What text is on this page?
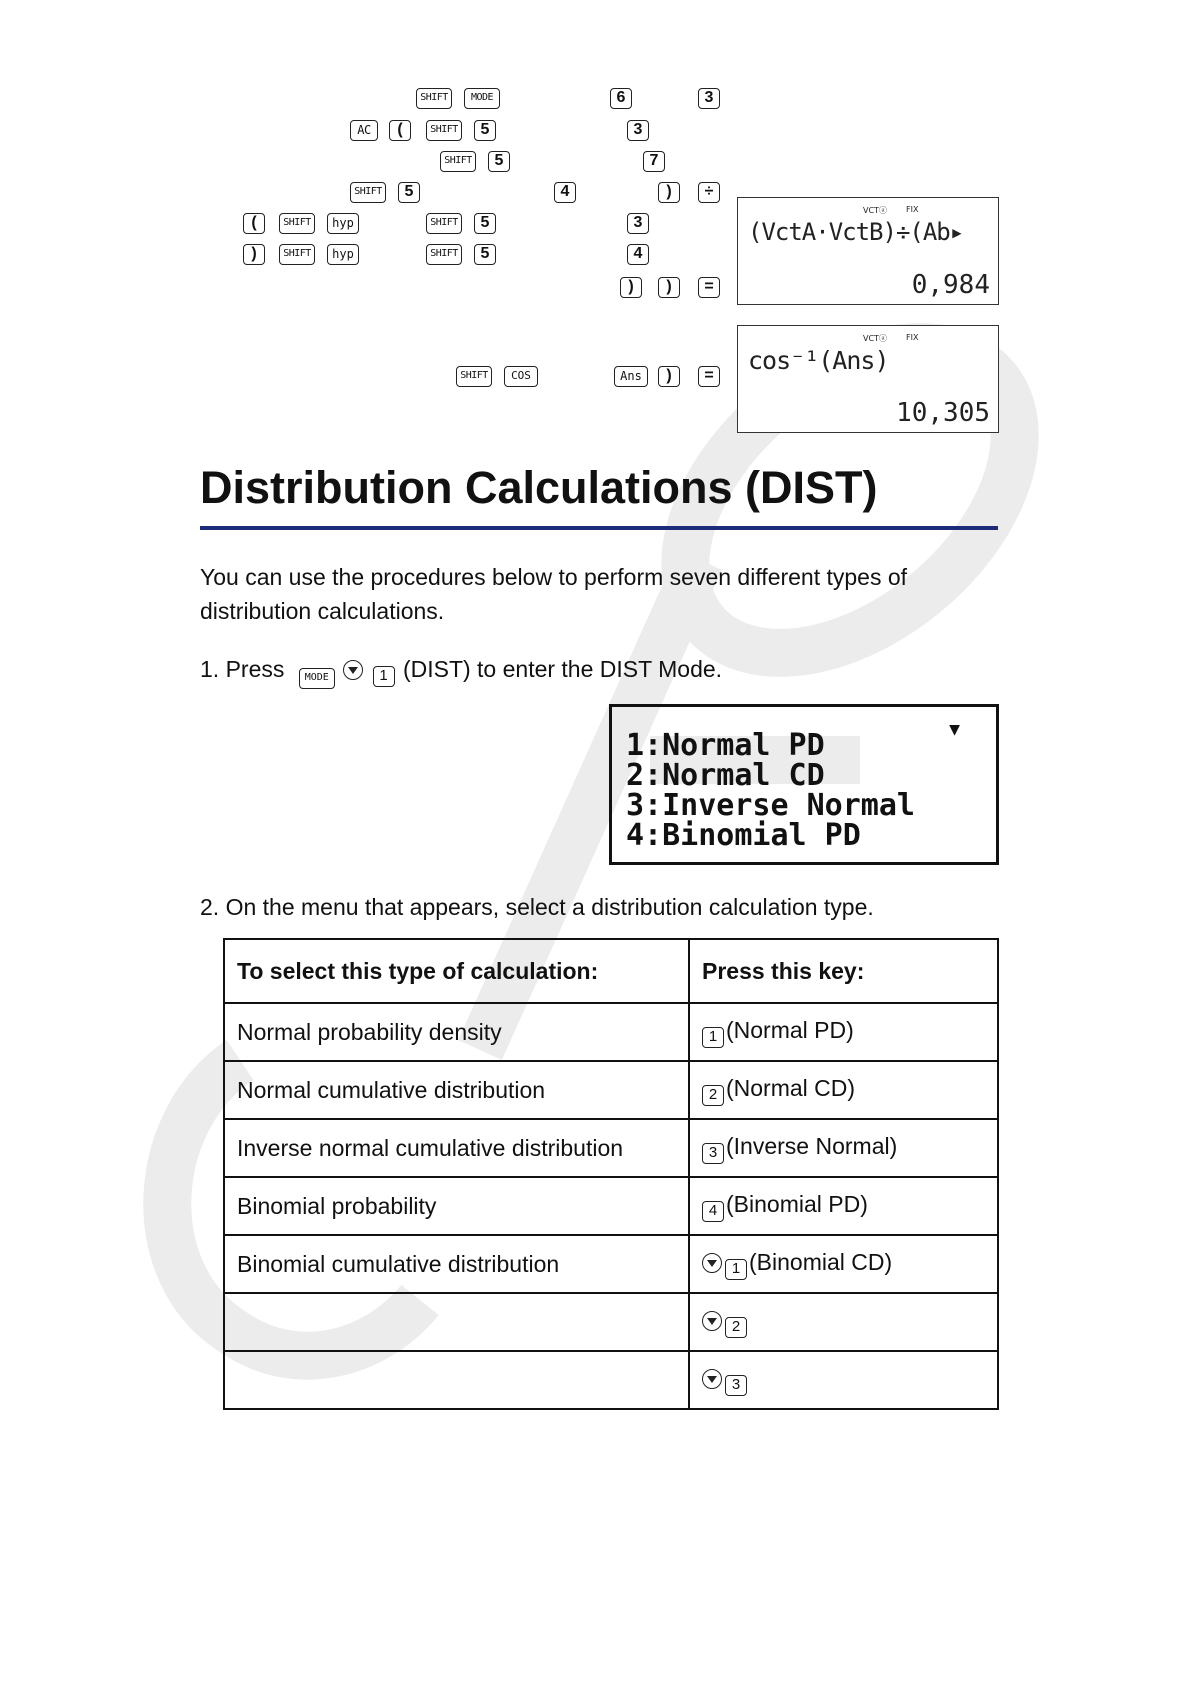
SHIFT	MODE	6	3
AC	(	SHIFT	5	3
SHIFT	5	7
SHIFT	5	4	)	÷
(	SHIFT	hyp	SHIFT	5	3
)	SHIFT	hyp	SHIFT	5	4
)	)	=
SHIFT	COS	Ans	)	=
VCTⓐ FIX
(VctA·VctB)÷(Ab▸
0,984
VCTⓐ FIX
cos⁻¹(Ans)
10,305
Distribution Calculations (DIST)
You can use the procedures below to perform seven different types of distribution calculations.
1. Press MODE	1 (DIST) to enter the DIST Mode.
▼
1:Normal PD
2:Normal CD
3:Inverse Normal
4:Binomial PD
2. On the menu that appears, select a distribution calculation type.
To select this type of calculation:	Press this key:
Normal probability density	1 (Normal PD)
Normal cumulative distribution	2 (Normal CD)
Inverse normal cumulative distribution	3 (Inverse Normal)
Binomial probability	4 (Binomial PD)
Binomial cumulative distribution	1 (Binomial CD)
	2
	3
